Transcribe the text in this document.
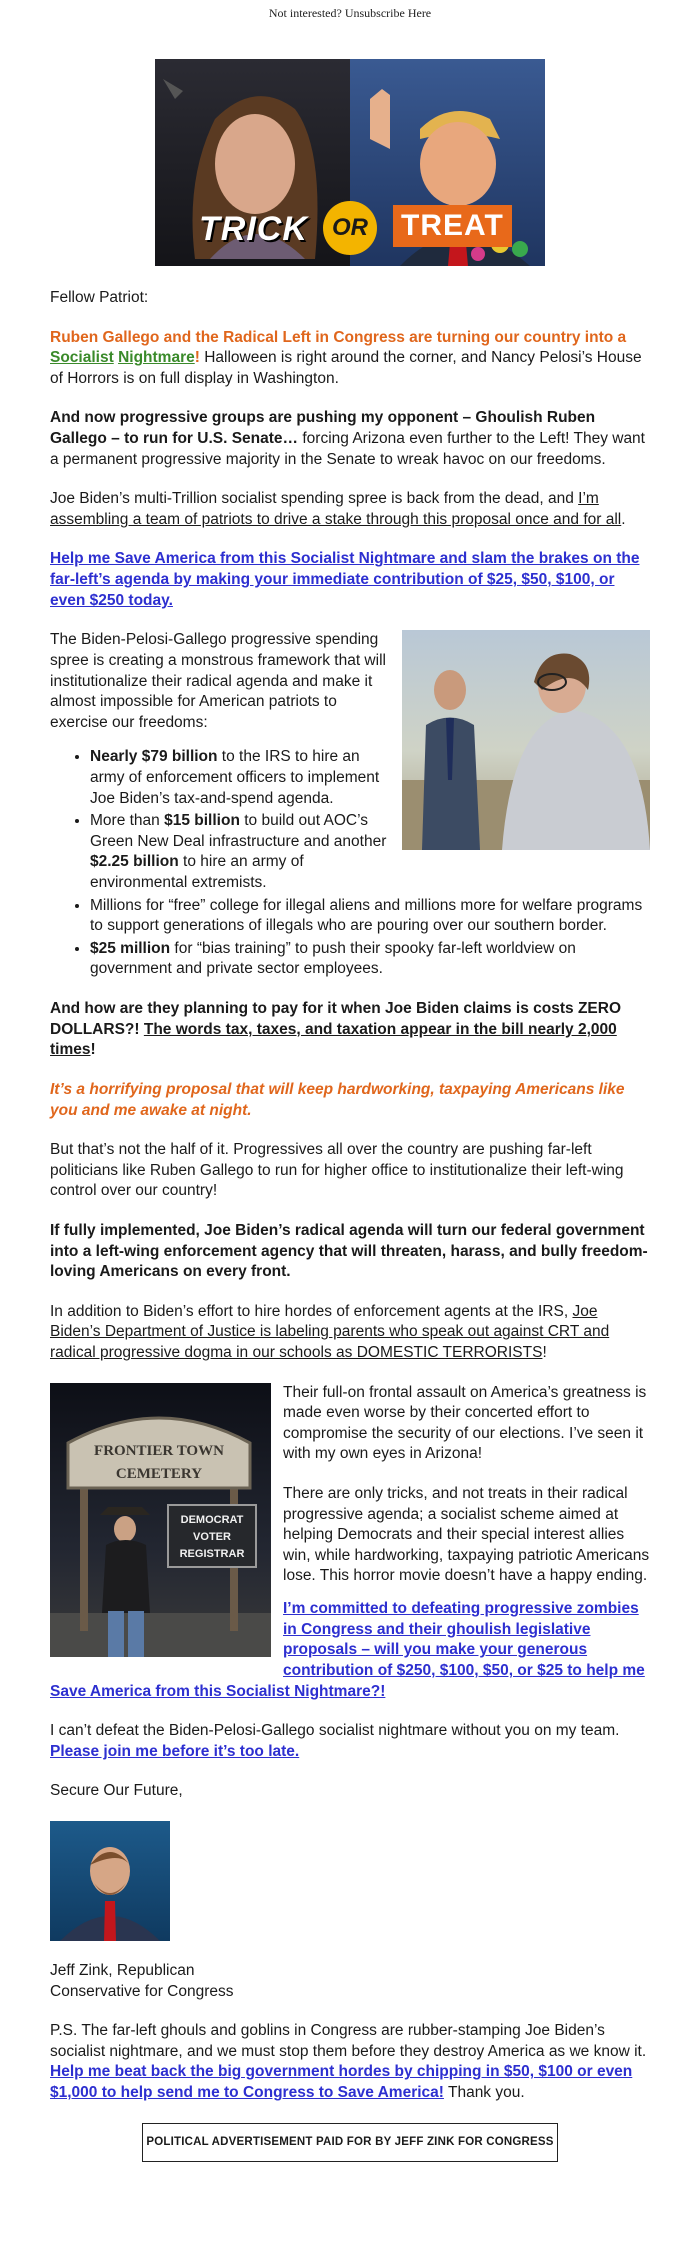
Not interested? Unsubscribe Here
TRICK	TREAT
OR

Fellow Patriot:

Ruben Gallego and the Radical Left in Congress are turning our country into a Socialist Nightmare! Halloween is right around the corner, and Nancy Pelosi’s House of Horrors is on full display in Washington.

And now progressive groups are pushing my opponent – Ghoulish Ruben Gallego – to run for U.S. Senate… forcing Arizona even further to the Left! They want a permanent progressive majority in the Senate to wreak havoc on our freedoms.

Joe Biden’s multi-Trillion socialist spending spree is back from the dead, and I’m assembling a team of patriots to drive a stake through this proposal once and for all.

Help me Save America from this Socialist Nightmare and slam the brakes on the far-left’s agenda by making your immediate contribution of $25, $50, $100, or even $250 today.

The Biden-Pelosi-Gallego progressive spending spree is creating a monstrous framework that will institutionalize their radical agenda and make it almost impossible for American patriots to exercise our freedoms:

• Nearly $79 billion to the IRS to hire an army of enforcement officers to implement Joe Biden’s tax-and-spend agenda.
• More than $15 billion to build out AOC’s Green New Deal infrastructure and another $2.25 billion to hire an army of environmental extremists.
• Millions for “free” college for illegal aliens and millions more for welfare programs to support generations of illegals who are pouring over our southern border.
• $25 million for “bias training” to push their spooky far-left worldview on government and private sector employees.

And how are they planning to pay for it when Joe Biden claims is costs ZERO DOLLARS?! The words tax, taxes, and taxation appear in the bill nearly 2,000 times!

It’s a horrifying proposal that will keep hardworking, taxpaying Americans like you and me awake at night.

But that’s not the half of it. Progressives all over the country are pushing far-left politicians like Ruben Gallego to run for higher office to institutionalize their left-wing control over our country!

If fully implemented, Joe Biden’s radical agenda will turn our federal government into a left-wing enforcement agency that will threaten, harass, and bully freedom-loving Americans on every front.

In addition to Biden’s effort to hire hordes of enforcement agents at the IRS, Joe Biden’s Department of Justice is labeling parents who speak out against CRT and radical progressive dogma in our schools as DOMESTIC TERRORISTS!

FRONTIER TOWN
CEMETERY
DEMOCRAT
VOTER
REGISTRAR

Their full-on frontal assault on America’s greatness is made even worse by their concerted effort to compromise the security of our elections. I’ve seen it with my own eyes in Arizona!

There are only tricks, and not treats in their radical progressive agenda; a socialist scheme aimed at helping Democrats and their special interest allies win, while hardworking, taxpaying patriotic Americans lose. This horror movie doesn’t have a happy ending.

I’m committed to defeating progressive zombies in Congress and their ghoulish legislative proposals – will you make your generous contribution of $250, $100, $50, or $25 to help me Save America from this Socialist Nightmare?!

I can’t defeat the Biden-Pelosi-Gallego socialist nightmare without you on my team. Please join me before it’s too late.

Secure Our Future,

Jeff Zink, Republican
Conservative for Congress

P.S. The far-left ghouls and goblins in Congress are rubber-stamping Joe Biden’s socialist nightmare, and we must stop them before they destroy America as we know it. Help me beat back the big government hordes by chipping in $50, $100 or even $1,000 to help send me to Congress to Save America! Thank you.

POLITICAL ADVERTISEMENT PAID FOR BY JEFF ZINK FOR CONGRESS
